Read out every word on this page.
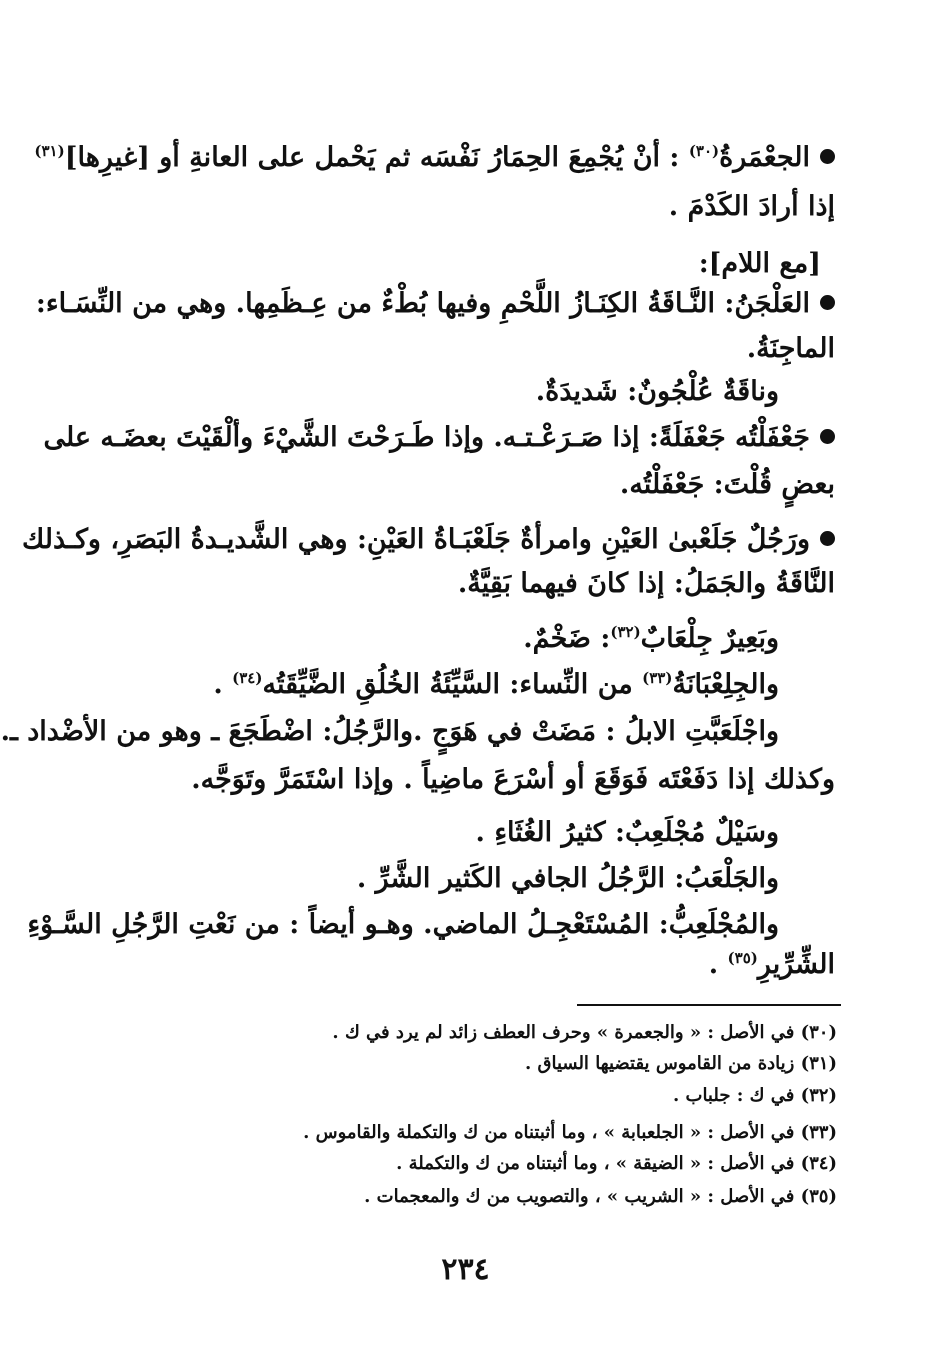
الجعْمَرةُ$^{(٣٠)}$ : أنْ يُجْمِعَ الحِمَارُ نَفْسَه ثم يَحْمل على العانةِ أو [غيرِها]$^{(٣١)}$
إذا أرادَ الكَدْمَ .
[مع اللام]:
العَلْجَنُ: النَّـاقَةُ الكِنَـازُ اللَّحْمِ وفيها بُطْءٌ من عِـظَمِها. وهي من النِّسَـاء:
الماجِنَةُ.
وناقَةٌ عُلْجُونٌ: شَديدَةٌ.
جَعْفَلْتُه جَعْفَلَةً: إذا صَـرَعْـتـه. وإذا طَـرَحْتَ الشَّيْءَ وألْقَيْتَ بعضَـه على
بعضٍ قُلْتَ: جَعْفَلْتُه.
ورَجُلٌ جَلَعْبىٰ العَيْنِ وامرأةٌ جَلَعْبَـاةُ العَيْنِ: وهي الشَّديـدةُ البَصَرِ، وكـذلك
النَّاقَةُ والجَمَلُ: إذا كانَ فيهما بَقِيَّةٌ.
وبَعِيرٌ جِلْعَابٌ$^{(٣٢)}$: ضَخْمٌ.
والجِلِعْبَانَةُ$^{(٣٣)}$ من النِّساء: السَّيِّئَةُ الخُلُقِ الضَّيِّقَتُه$^{(٣٤)}$ .
واجْلَعَبَّتِ الابلُ : مَضَتْ في هَوَجٍ .والرَّجُلُ: اضْطَجَعَ ـ وهو من الأضْداد ـ.
وكذلك إذا دَفَعْتَه فَوَقَعَ أو أسْرَعَ ماضِياً . وإذا اسْتَمَرَّ وتَوَجَّه.
وسَيْلٌ مُجْلَعِبٌ: كثيرُ الغُثَاءِ .
والجَلْعَبُ: الرَّجُلُ الجافي الكَثير الشَّرِّ .
والمُجْلَعِبُّ: المُسْتَعْجِـلُ الماضي. وهـو أيضاً : من نَعْتِ الرَّجُلِ السَّـوْءِ
الشِّرِّيرِ$^{(٣٥)}$ .
(٣٠) في الأصل : « والجعمرة » وحرف العطف زائد لم يرد في ك .
(٣١) زيادة من القاموس يقتضيها السياق .
(٣٢) في ك : جلباب .
(٣٣) في الأصل : « الجلعبابة » ، وما أثبتناه من ك والتكملة والقاموس .
(٣٤) في الأصل : « الضيقة » ، وما أثبتناه من ك والتكملة .
(٣٥) في الأصل : « الشريب » ، والتصويب من ك والمعجمات .
٢٣٤
